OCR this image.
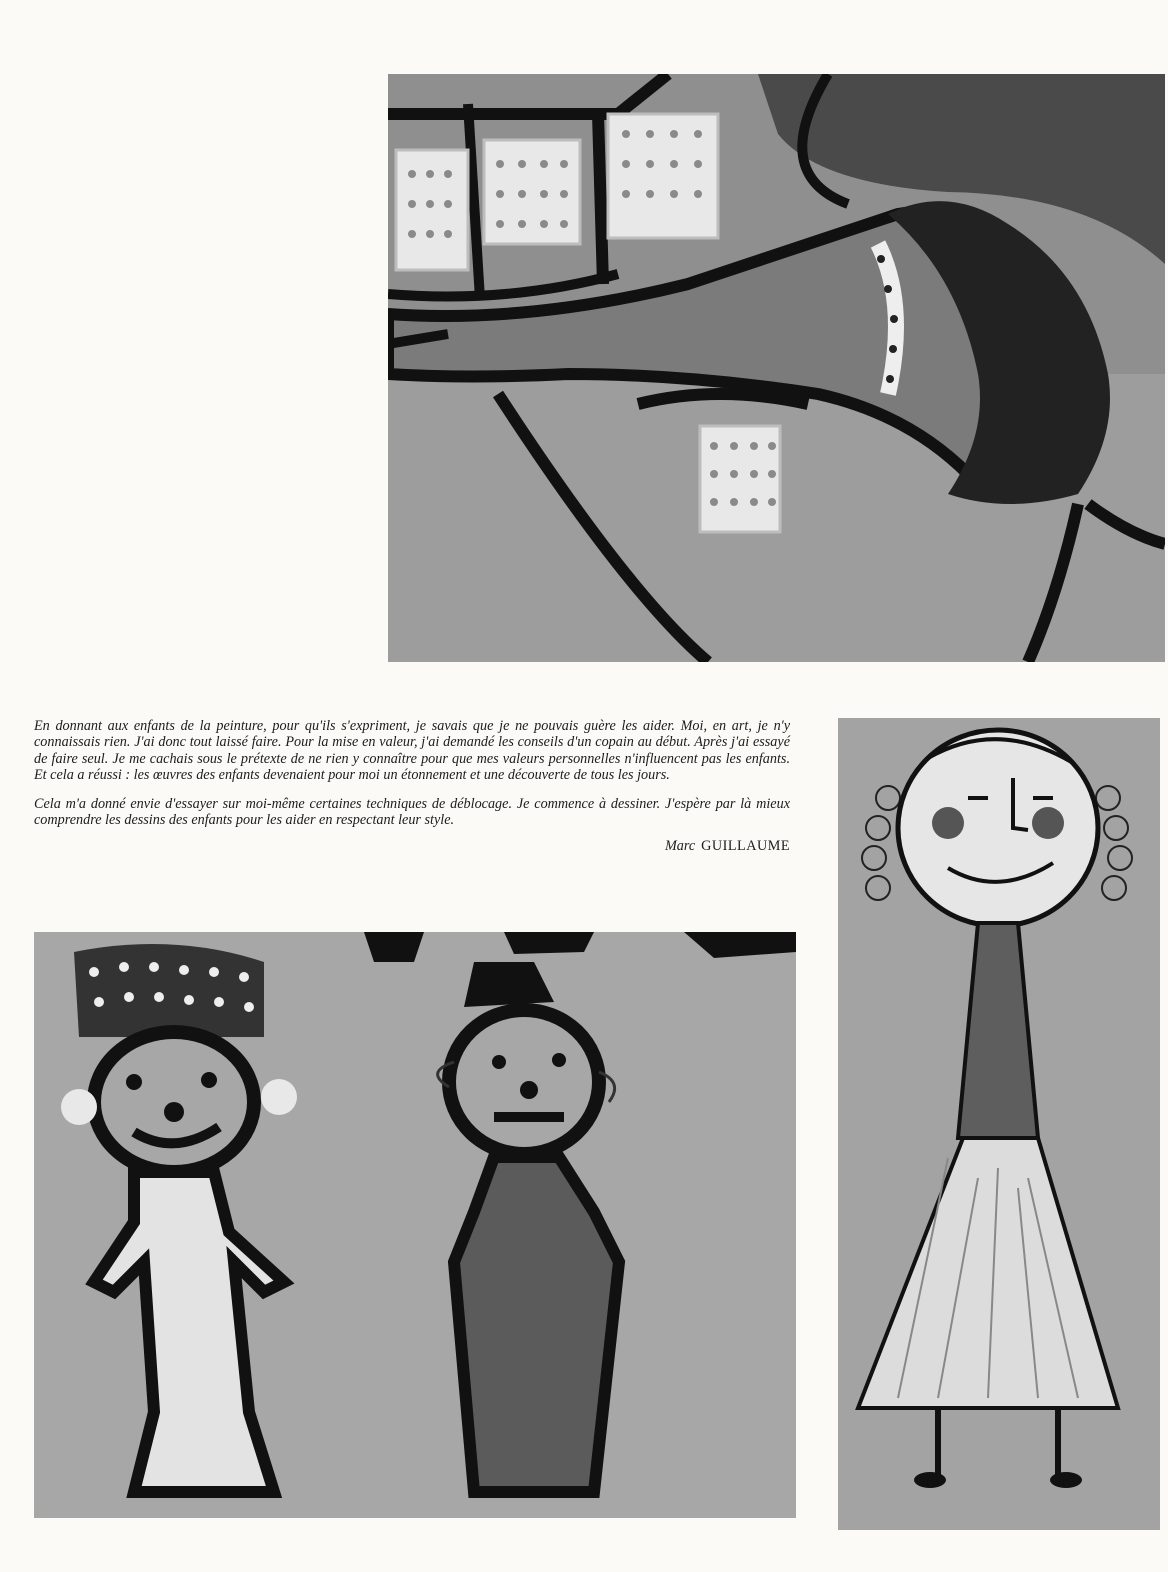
En donnant aux enfants de la peinture, pour qu'ils s'expriment, je savais que je ne pouvais guère les aider. Moi, en art, je n'y connaissais rien. J'ai donc tout laissé faire. Pour la mise en valeur, j'ai demandé les conseils d'un copain au début. Après j'ai essayé de faire seul. Je me cachais sous le prétexte de ne rien y connaître pour que mes valeurs personnelles n'influencent pas les enfants. Et cela a réussi : les œuvres des enfants devenaient pour moi un étonnement et une découverte de tous les jours.

Cela m'a donné envie d'essayer sur moi-même certaines techniques de déblocage. Je commence à dessiner. J'espère par là mieux comprendre les dessins des enfants pour les aider en respectant leur style.

Marc GUILLAUME
